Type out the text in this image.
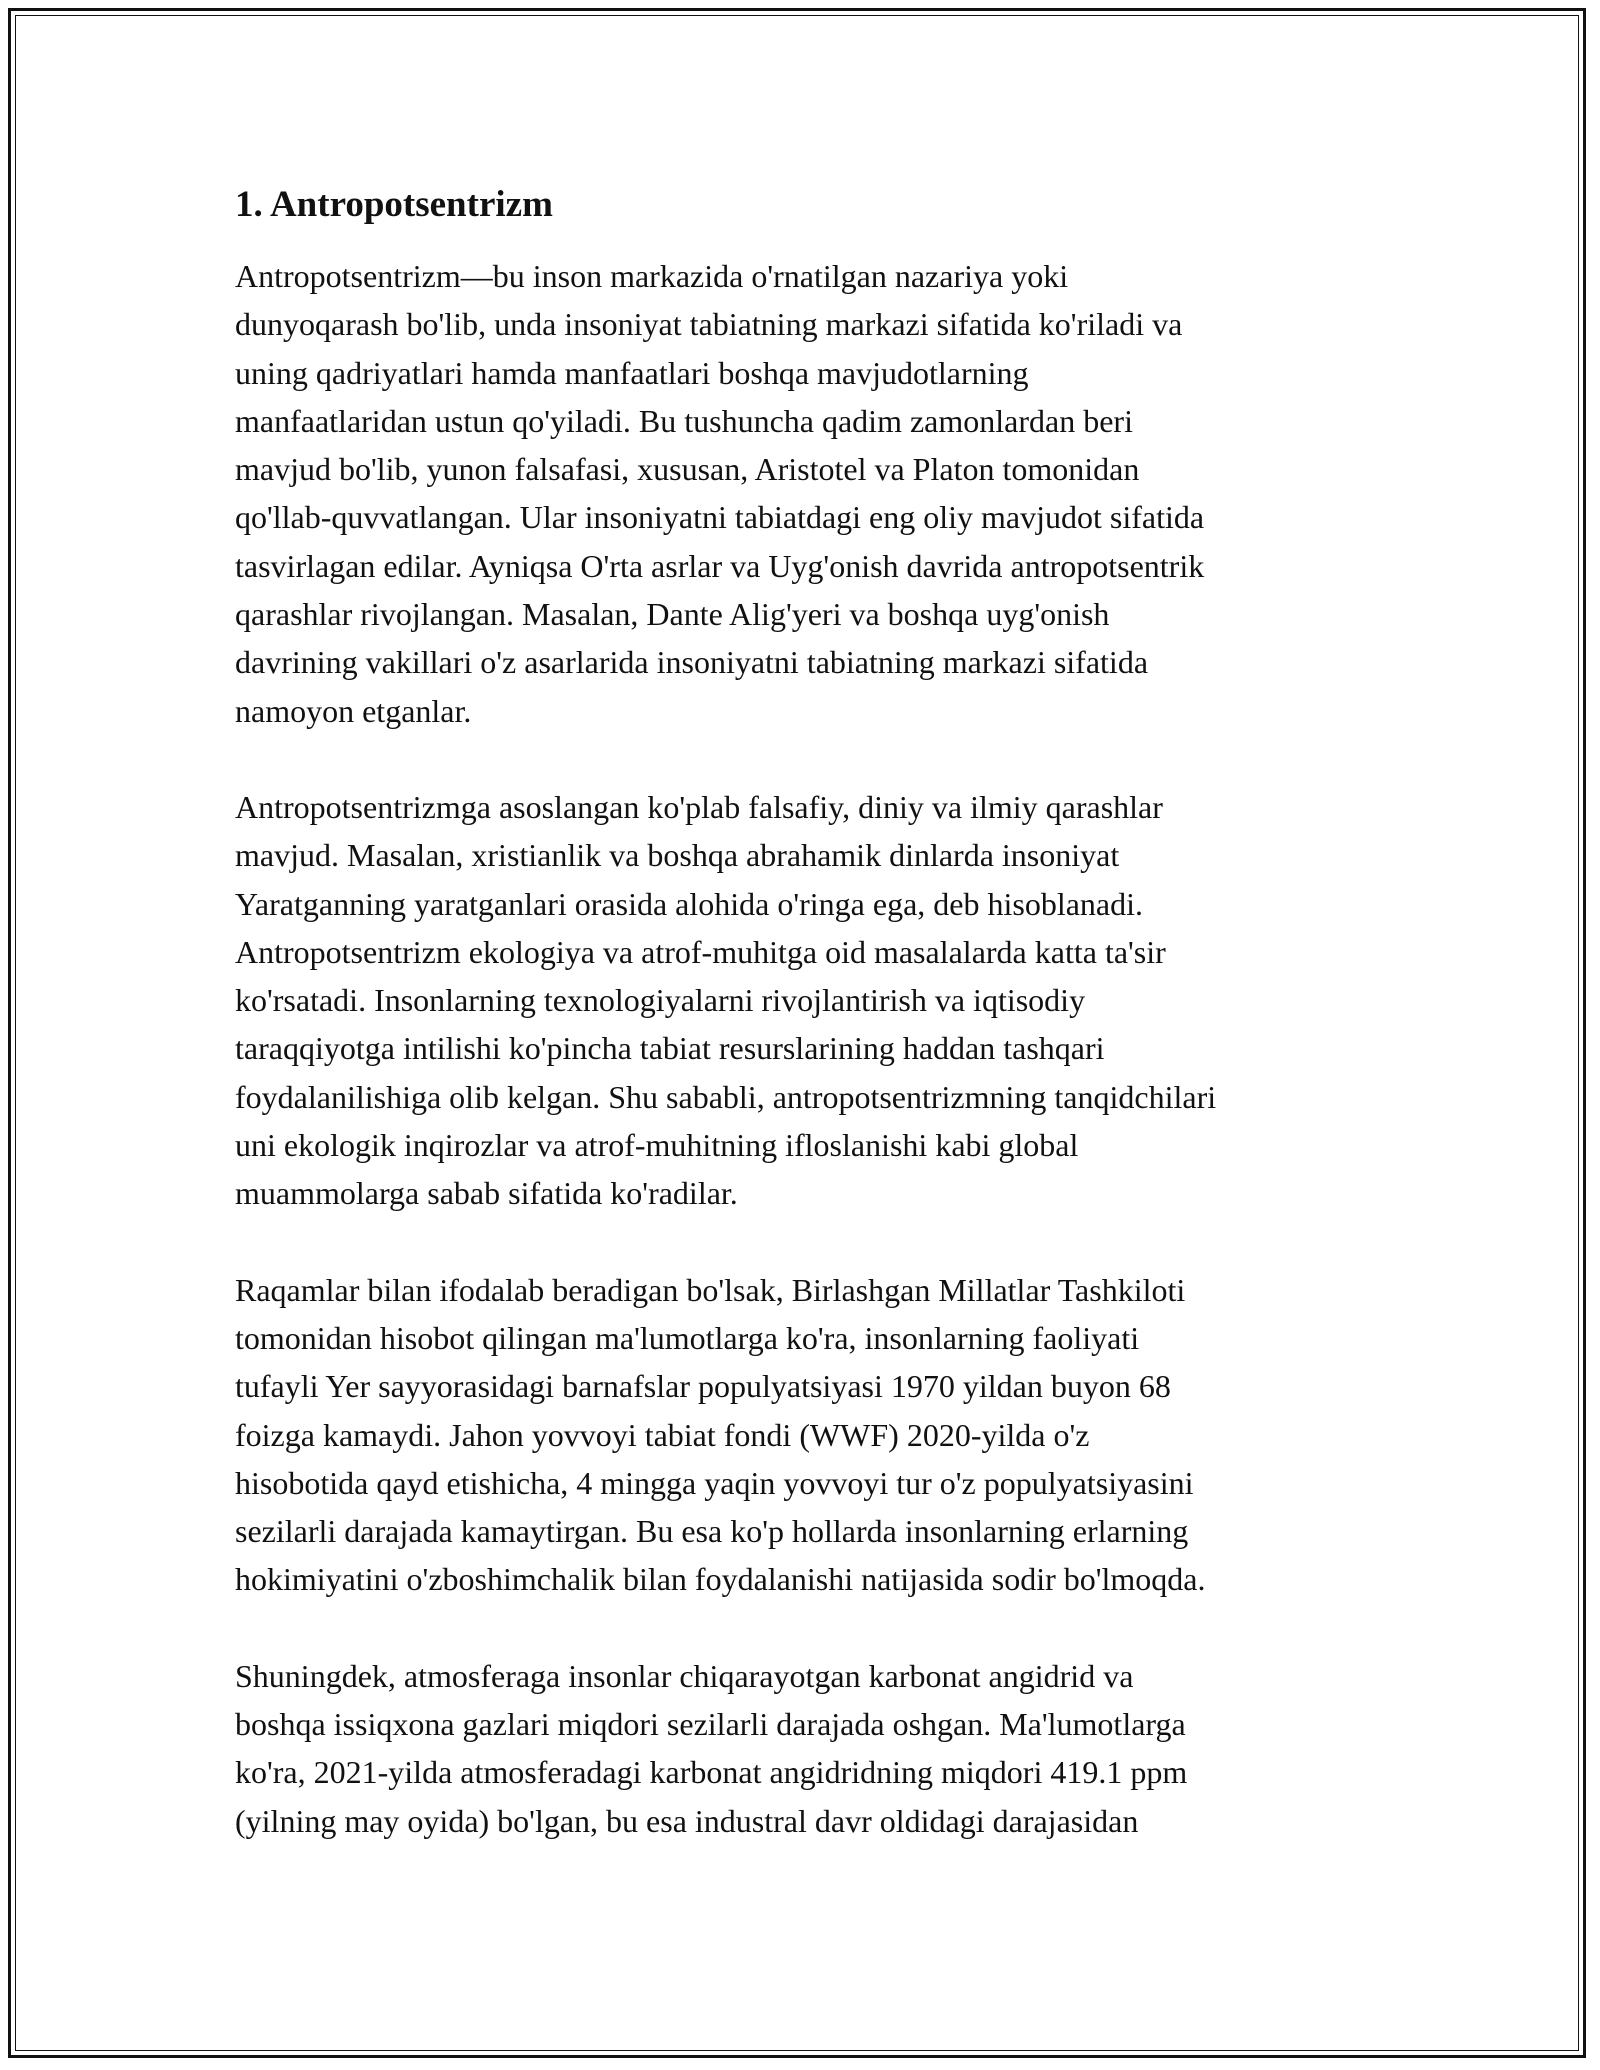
1. Antropotsentrizm

Antropotsentrizm—bu inson markazida o'rnatilgan nazariya yoki
dunyoqarash bo'lib, unda insoniyat tabiatning markazi sifatida ko'riladi va
uning qadriyatlari hamda manfaatlari boshqa mavjudotlarning
manfaatlaridan ustun qo'yiladi. Bu tushuncha qadim zamonlardan beri
mavjud bo'lib, yunon falsafasi, xususan, Aristotel va Platon tomonidan
qo'llab-quvvatlangan. Ular insoniyatni tabiatdagi eng oliy mavjudot sifatida
tasvirlagan edilar. Ayniqsa O'rta asrlar va Uyg'onish davrida antropotsentrik
qarashlar rivojlangan. Masalan, Dante Alig'yeri va boshqa uyg'onish
davrining vakillari o'z asarlarida insoniyatni tabiatning markazi sifatida
namoyon etganlar.

Antropotsentrizmga asoslangan ko'plab falsafiy, diniy va ilmiy qarashlar
mavjud. Masalan, xristianlik va boshqa abrahamik dinlarda insoniyat
Yaratganning yaratganlari orasida alohida o'ringa ega, deb hisoblanadi.
Antropotsentrizm ekologiya va atrof-muhitga oid masalalarda katta ta'sir
ko'rsatadi. Insonlarning texnologiyalarni rivojlantirish va iqtisodiy
taraqqiyotga intilishi ko'pincha tabiat resurslarining haddan tashqari
foydalanilishiga olib kelgan. Shu sababli, antropotsentrizmning tanqidchilari
uni ekologik inqirozlar va atrof-muhitning ifloslanishi kabi global
muammolarga sabab sifatida ko'radilar.

Raqamlar bilan ifodalab beradigan bo'lsak, Birlashgan Millatlar Tashkiloti
tomonidan hisobot qilingan ma'lumotlarga ko'ra, insonlarning faoliyati
tufayli Yer sayyorasidagi barnafslar populyatsiyasi 1970 yildan buyon 68
foizga kamaydi. Jahon yovvoyi tabiat fondi (WWF) 2020-yilda o'z
hisobotida qayd etishicha, 4 mingga yaqin yovvoyi tur o'z populyatsiyasini
sezilarli darajada kamaytirgan. Bu esa ko'p hollarda insonlarning erlarning
hokimiyatini o'zboshimchalik bilan foydalanishi natijasida sodir bo'lmoqda.

Shuningdek, atmosferaga insonlar chiqarayotgan karbonat angidrid va
boshqa issiqxona gazlari miqdori sezilarli darajada oshgan. Ma'lumotlarga
ko'ra, 2021-yilda atmosferadagi karbonat angidridning miqdori 419.1 ppm
(yilning may oyida) bo'lgan, bu esa industral davr oldidagi darajasidan
